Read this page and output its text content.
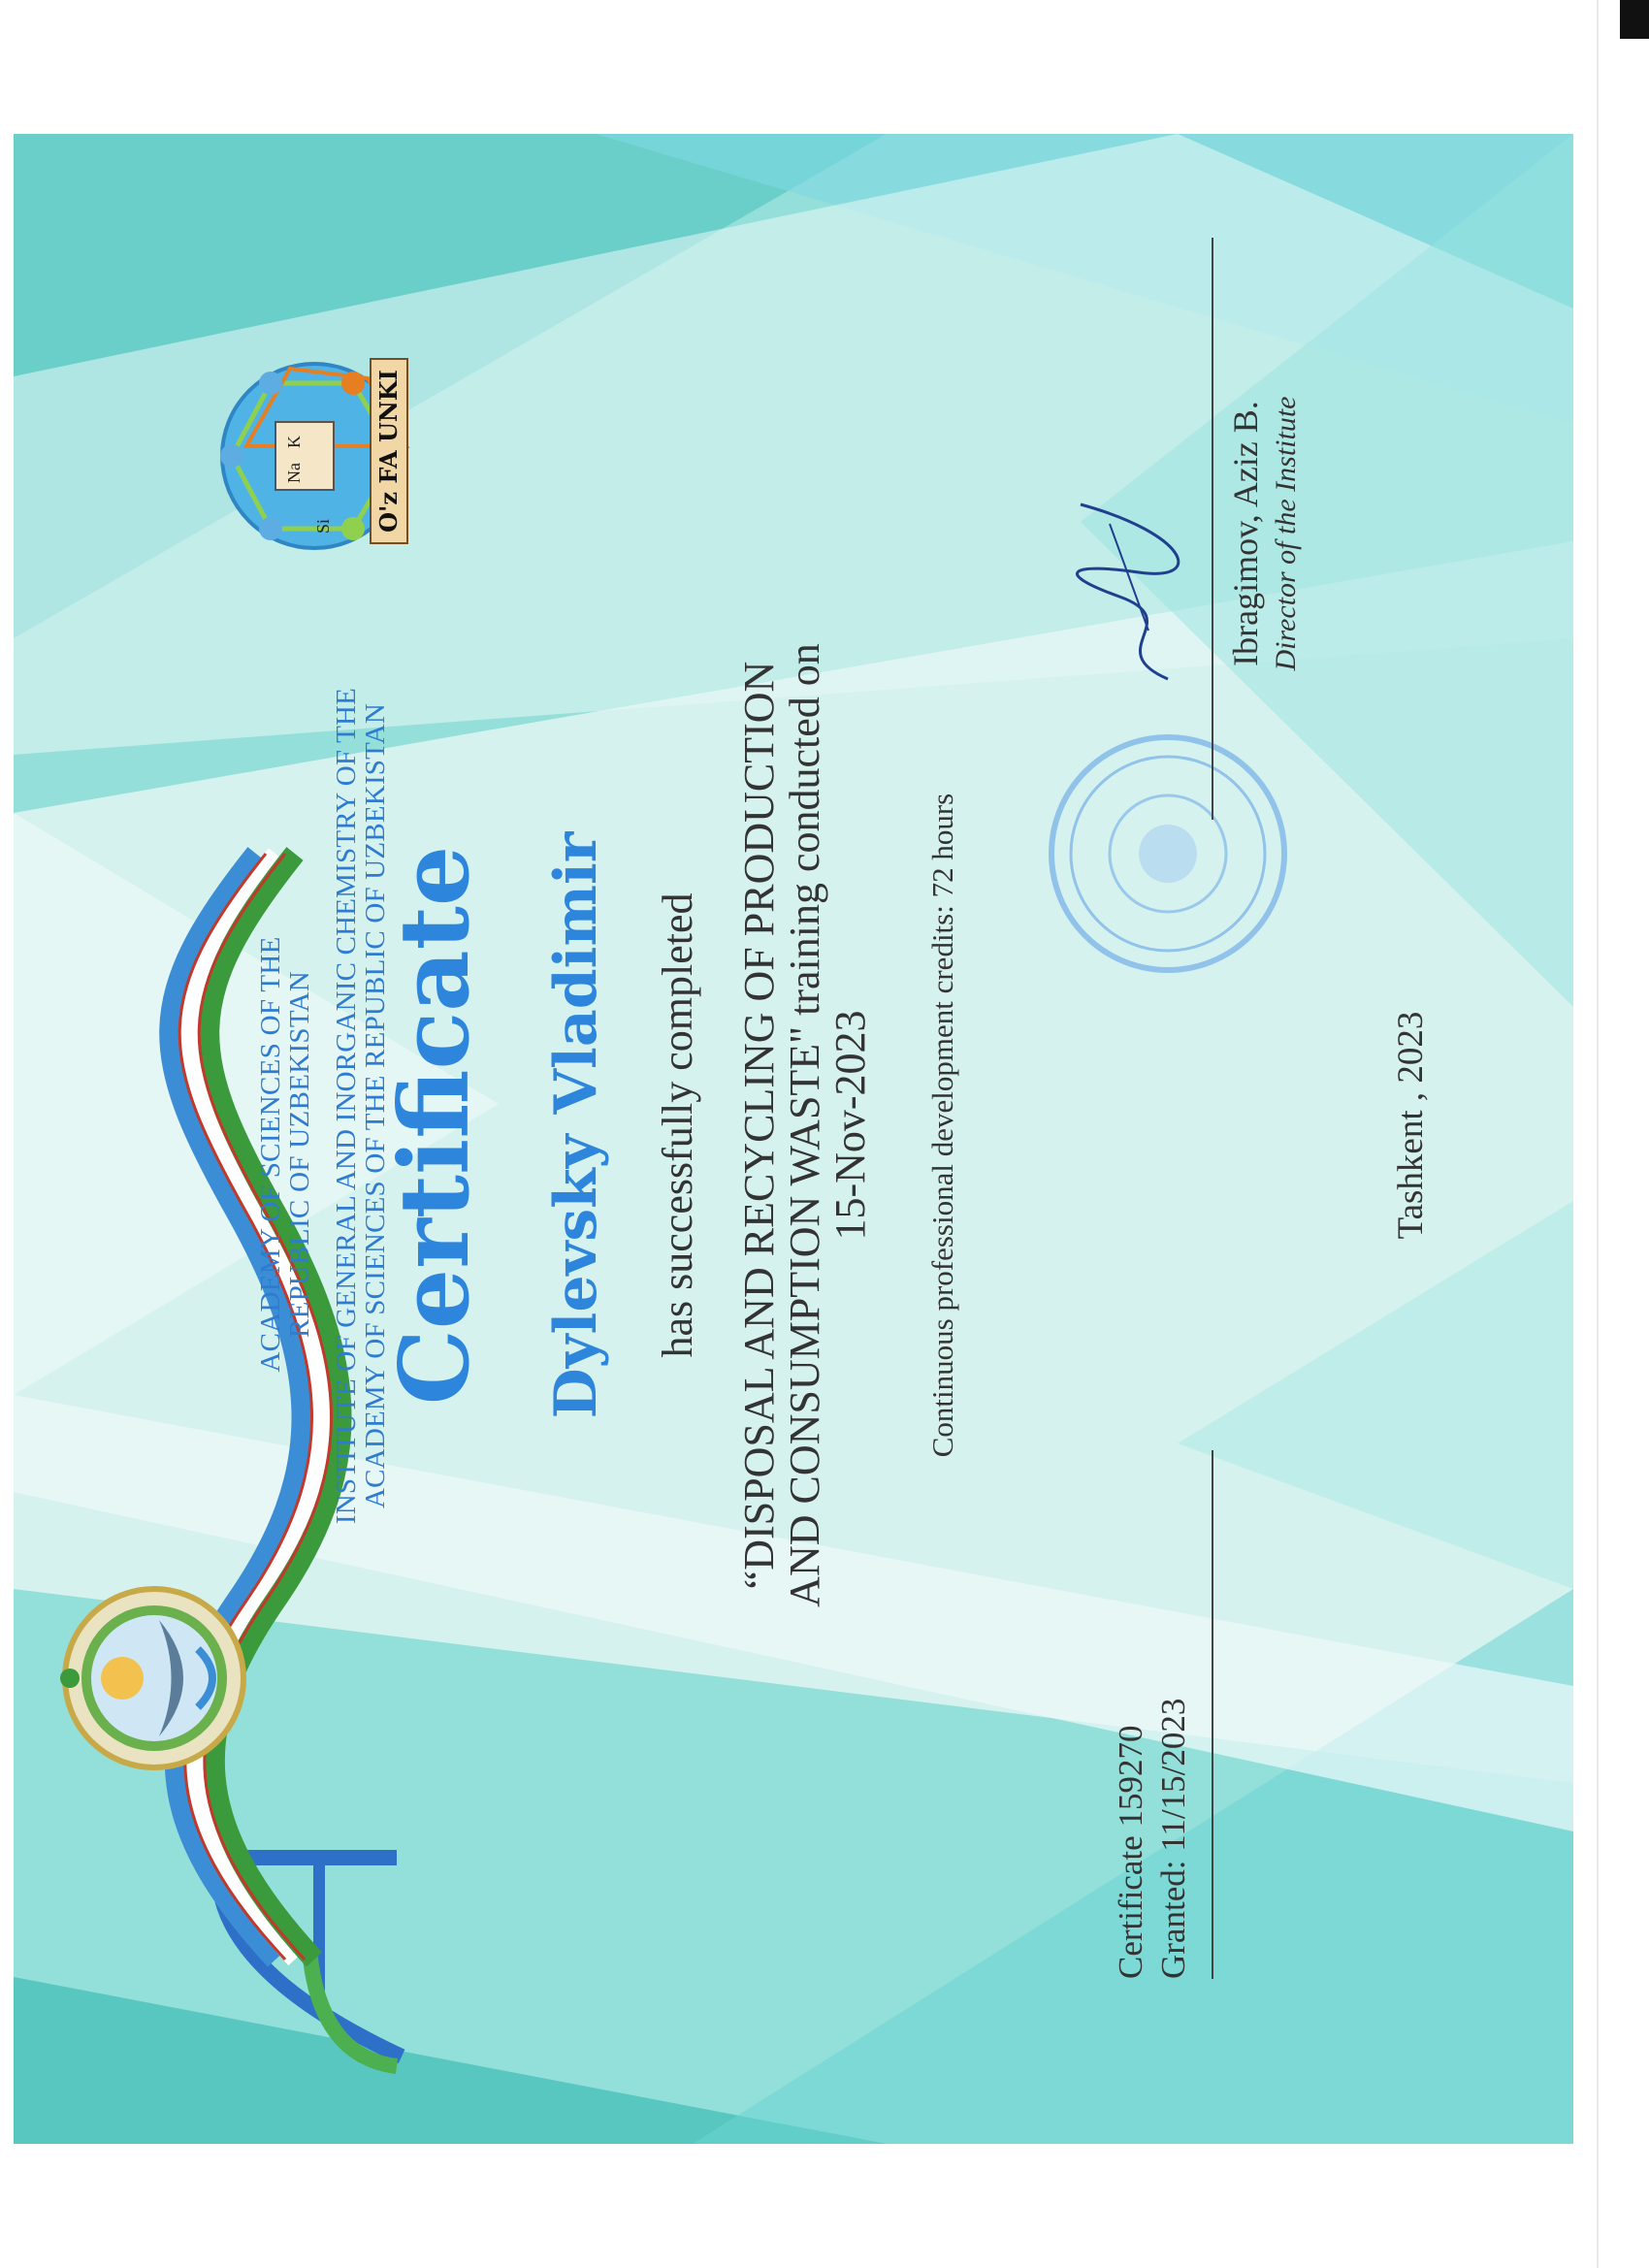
ACADEMY OF SCIENCES OF THE
REPUBLIC OF UZBEKISTAN INSTITUTE OF GENERAL AND INORGANIC CHEMISTRY OF THE
ACADEMY OF SCIENCES OF THE REPUBLIC OF UZBEKISTAN
Na
K
Si O'z FA UNKI
Certificate Dylevsky Vladimir has successfully completed “DISPOSAL AND RECYCLING OF PRODUCTION
AND CONSUMPTION WASTE" training conducted on
15-Nov-2023 Continuous professional development credits: 72 hours
Certificate 159270 Granted: 11/15/2023
Ibragimov, Aziz B. Director of the Institute
Tashkent , 2023
